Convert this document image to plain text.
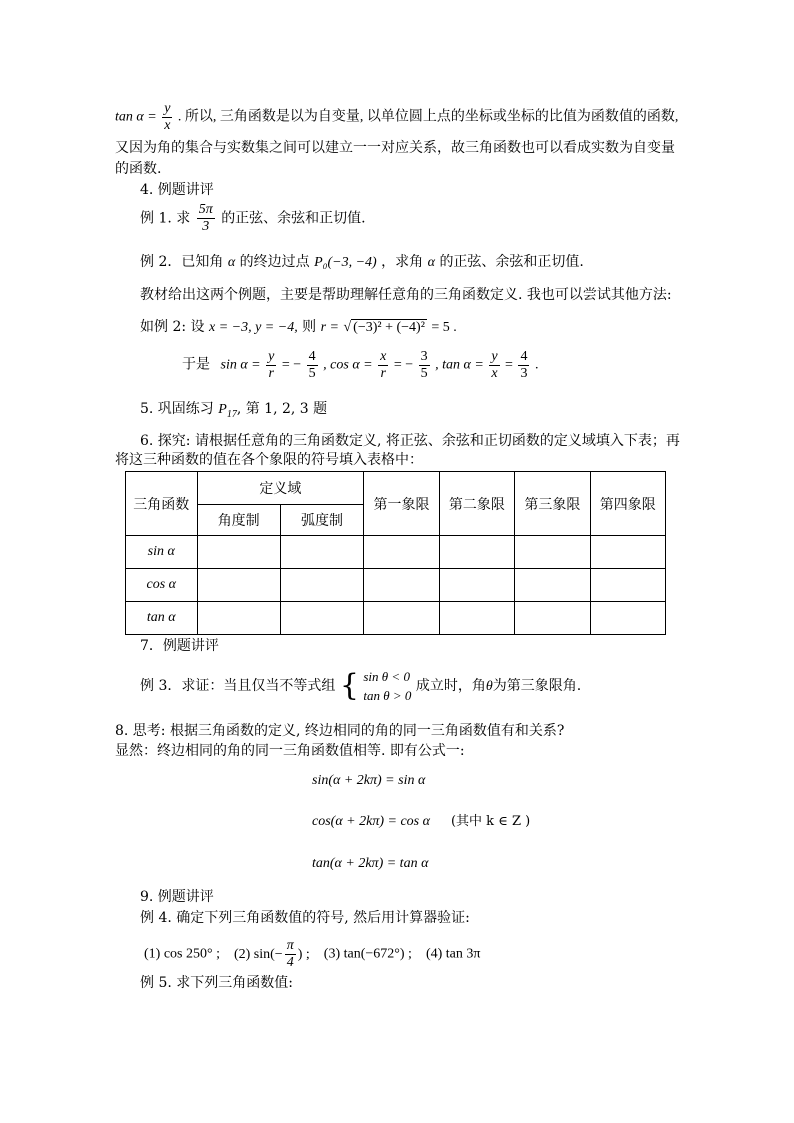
$\tan \alpha = \frac{y}{x}$ . 所以, 三角函数是以为自变量, 以单位圆上点的坐标或坐标的比值为函数值的函数,
又因为角的集合与实数集之间可以建立一一对应关系，故三角函数也可以看成实数为自变量
的函数.
4. 例题讲评
例 1. 求 $\frac{5\pi}{3}$ 的正弦、余弦和正切值.
例 2．已知角 α 的终边过点 P₀(−3, −4) ，求角 α 的正弦、余弦和正切值.
教材给出这两个例题，主要是帮助理解任意角的三角函数定义. 我也可以尝试其他方法:
如例 2: 设 x = −3, y = −4, 则 r = √ (−3)² + (−4)² = 5 .
于是 $\sin \alpha = \frac{y}{r}$ = − $\frac{4}{5}$ , $\cos \alpha = \frac{x}{r}$ = − $\frac{3}{5}$ , $\tan \alpha = \frac{y}{x} = \frac{4}{3}$ .
5. 巩固练习 $P_{17}$, 第 1, 2, 3 题
6. 探究: 请根据任意角的三角函数定义, 将正弦、余弦和正切函数的定义域填入下表；再
将这三种函数的值在各个象限的符号填入表格中：
三角函数	定义域		第一象限	第二象限	第三象限	第四象限
	角度制	弧度制				
sin α						
cos α						
tan α						
7．例题讲评
例 3．求证：当且仅当不等式组 { sin θ < 0
tan θ > 0
成立时，角θ为第三象限角.
8. 思考: 根据三角函数的定义, 终边相同的角的同一三角函数值有和关系?
显然：终边相同的角的同一三角函数值相等. 即有公式一:
sin(α + 2kπ) = sin α
cos(α + 2kπ) = cos α (其中 k ∈ Z )
tan(α + 2kπ) = tan α
9. 例题讲评
例 4. 确定下列三角函数值的符号, 然后用计算器验证:
(1) cos 250° ; (2) $\sin(- \frac{\pi}{4}$ ) ; (3) tan(−672°) ; (4) tan 3π
例 5. 求下列三角函数值:
